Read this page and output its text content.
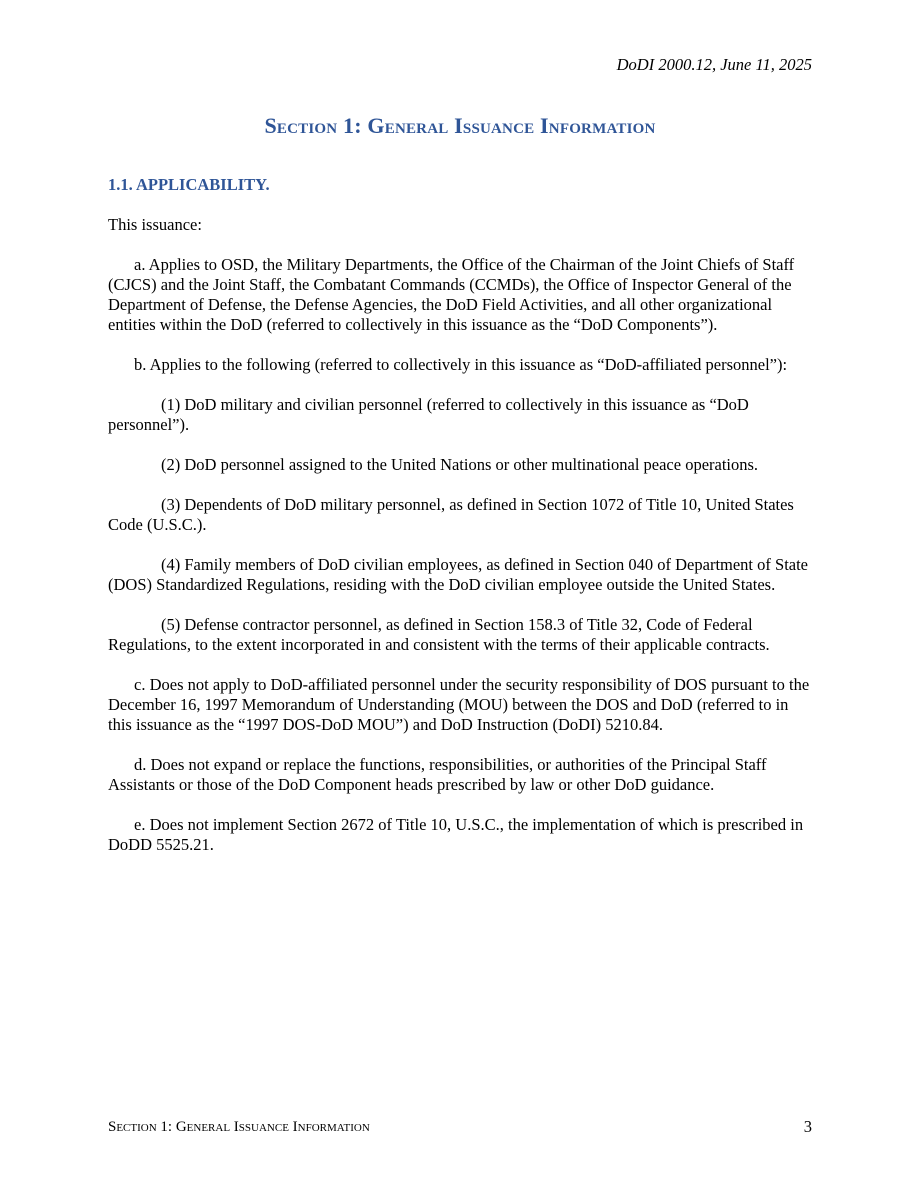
DoDI 2000.12, June 11, 2025
Section 1: General Issuance Information

1.1. APPLICABILITY.

This issuance:

a. Applies to OSD, the Military Departments, the Office of the Chairman of the Joint Chiefs of Staff (CJCS) and the Joint Staff, the Combatant Commands (CCMDs), the Office of Inspector General of the Department of Defense, the Defense Agencies, the DoD Field Activities, and all other organizational entities within the DoD (referred to collectively in this issuance as the “DoD Components”).

b. Applies to the following (referred to collectively in this issuance as “DoD-affiliated personnel”):

(1) DoD military and civilian personnel (referred to collectively in this issuance as “DoD personnel”).

(2) DoD personnel assigned to the United Nations or other multinational peace operations.

(3) Dependents of DoD military personnel, as defined in Section 1072 of Title 10, United States Code (U.S.C.).

(4) Family members of DoD civilian employees, as defined in Section 040 of Department of State (DOS) Standardized Regulations, residing with the DoD civilian employee outside the United States.

(5) Defense contractor personnel, as defined in Section 158.3 of Title 32, Code of Federal Regulations, to the extent incorporated in and consistent with the terms of their applicable contracts.

c. Does not apply to DoD-affiliated personnel under the security responsibility of DOS pursuant to the December 16, 1997 Memorandum of Understanding (MOU) between the DOS and DoD (referred to in this issuance as the “1997 DOS-DoD MOU”) and DoD Instruction (DoDI) 5210.84.

d. Does not expand or replace the functions, responsibilities, or authorities of the Principal Staff Assistants or those of the DoD Component heads prescribed by law or other DoD guidance.

e. Does not implement Section 2672 of Title 10, U.S.C., the implementation of which is prescribed in DoDD 5525.21.

Section 1: General Issuance Information	3
